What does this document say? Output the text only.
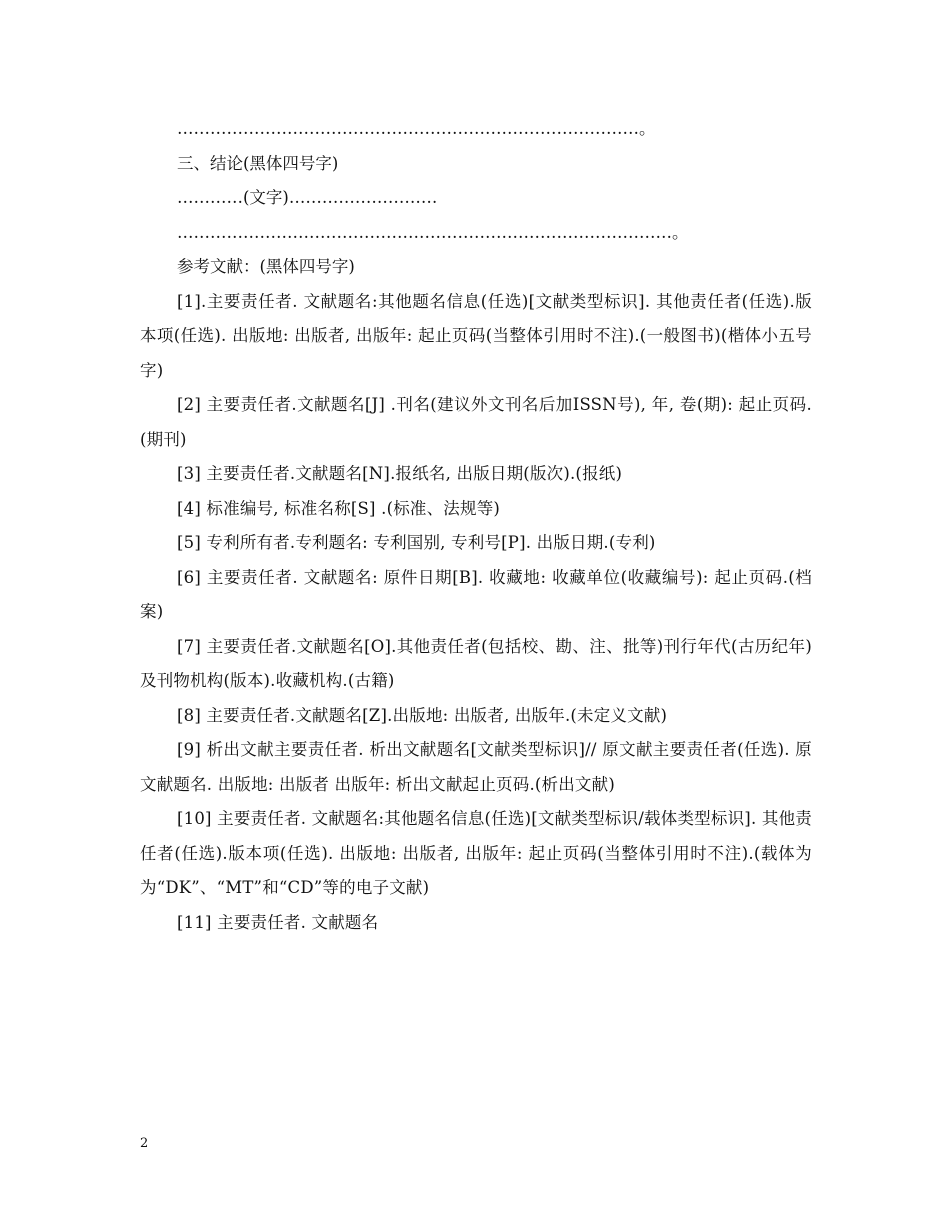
…………………………………………………………………………。
三、结论(黑体四号字)
…………(文字)………………………
………………………………………………………………………………。
参考文献：(黑体四号字)
[1].主要责任者. 文献题名:其他题名信息(任选)[文献类型标识]. 其他责任者(任选).版本项(任选). 出版地: 出版者, 出版年: 起止页码(当整体引用时不注).(一般图书)(楷体小五号字)
[2] 主要责任者.文献题名[J] .刊名(建议外文刊名后加ISSN号), 年, 卷(期): 起止页码.(期刊)
[3] 主要责任者.文献题名[N].报纸名, 出版日期(版次).(报纸)
[4] 标准编号, 标准名称[S] .(标准、法规等)
[5] 专利所有者.专利题名: 专利国别, 专利号[P]. 出版日期.(专利)
[6] 主要责任者. 文献题名: 原件日期[B]. 收藏地: 收藏单位(收藏编号): 起止页码.(档案)
[7] 主要责任者.文献题名[O].其他责任者(包括校、勘、注、批等)刊行年代(古历纪年)及刊物机构(版本).收藏机构.(古籍)
[8] 主要责任者.文献题名[Z].出版地: 出版者, 出版年.(未定义文献)
[9] 析出文献主要责任者. 析出文献题名[文献类型标识]// 原文献主要责任者(任选). 原文献题名. 出版地: 出版者 出版年: 析出文献起止页码.(析出文献)
[10] 主要责任者. 文献题名:其他题名信息(任选)[文献类型标识/载体类型标识]. 其他责任者(任选).版本项(任选). 出版地: 出版者, 出版年: 起止页码(当整体引用时不注).(载体为为“DK”、“MT”和“CD”等的电子文献)
[11] 主要责任者. 文献题名
2
